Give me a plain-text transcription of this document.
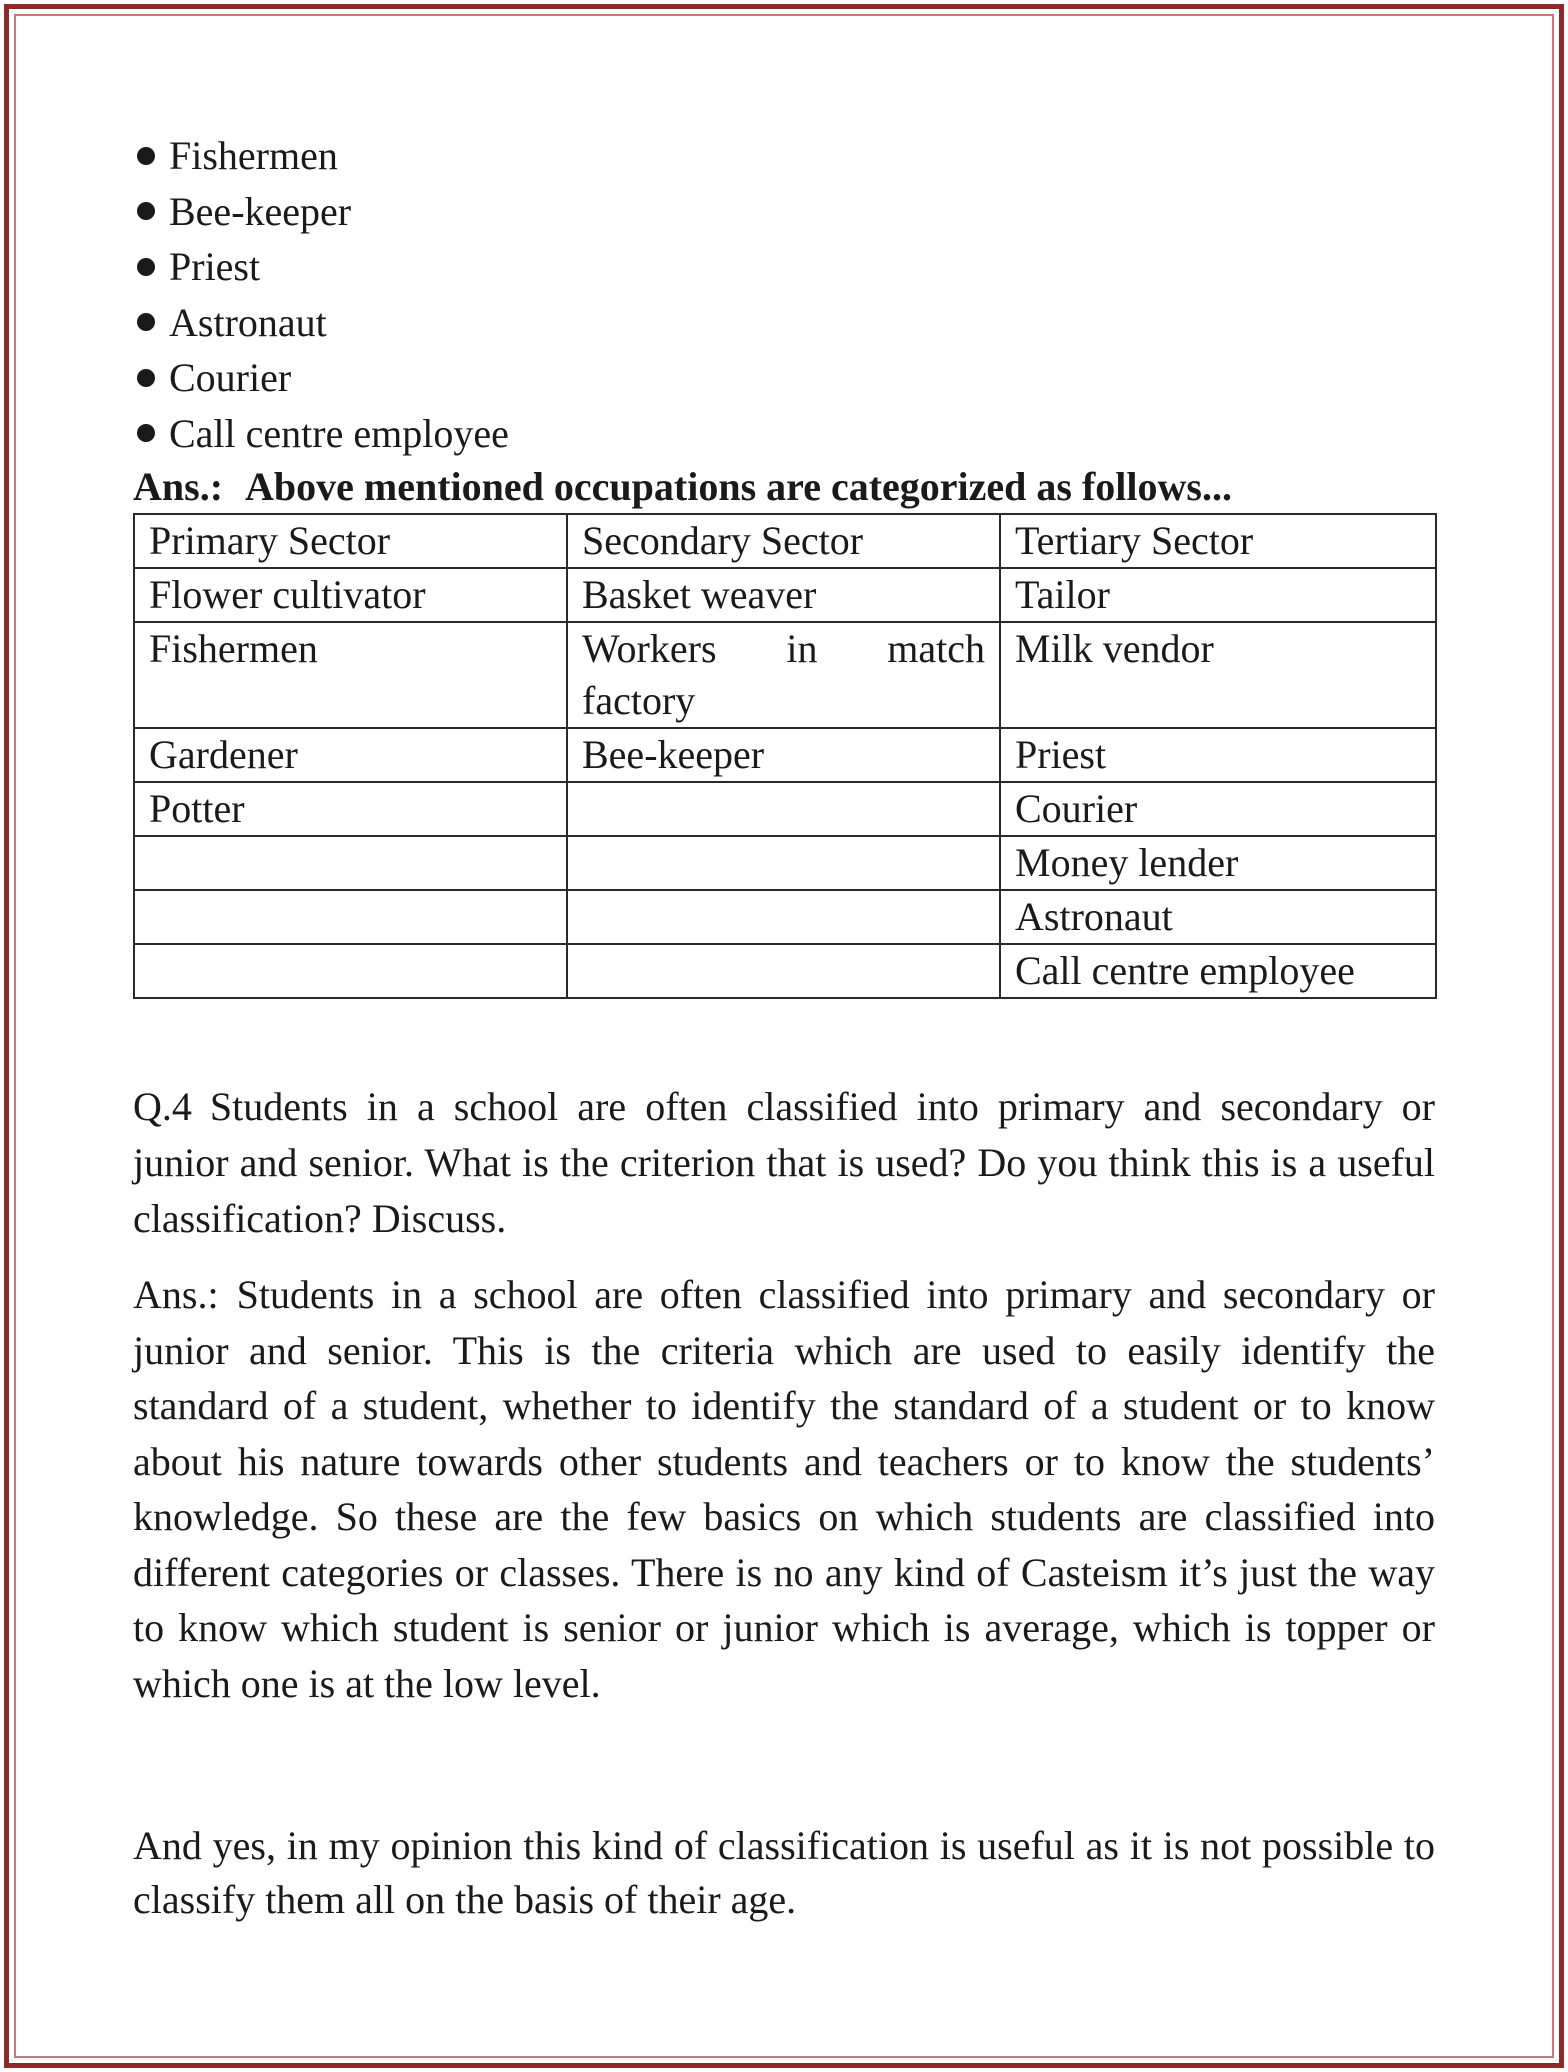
Fishermen
Bee-keeper
Priest
Astronaut
Courier
Call centre employee
Ans.: Above mentioned occupations are categorized as follows...
Primary Sector	Secondary Sector	Tertiary Sector
Flower cultivator	Basket weaver	Tailor
Fishermen	Workers in match factory	Milk vendor
Gardener	Bee-keeper	Priest
Potter		Courier
		Money lender
		Astronaut
		Call centre employee

Q.4 Students in a school are often classified into primary and secondary or junior and senior. What is the criterion that is used? Do you think this is a useful classification? Discuss.

Ans.: Students in a school are often classified into primary and secondary or junior and senior. This is the criteria which are used to easily identify the standard of a student, whether to identify the standard of a student or to know about his nature towards other students and teachers or to know the students’ knowledge. So these are the few basics on which students are classified into different categories or classes. There is no any kind of Casteism it’s just the way to know which student is senior or junior which is average, which is topper or which one is at the low level.

And yes, in my opinion this kind of classification is useful as it is not possible to classify them all on the basis of their age.
